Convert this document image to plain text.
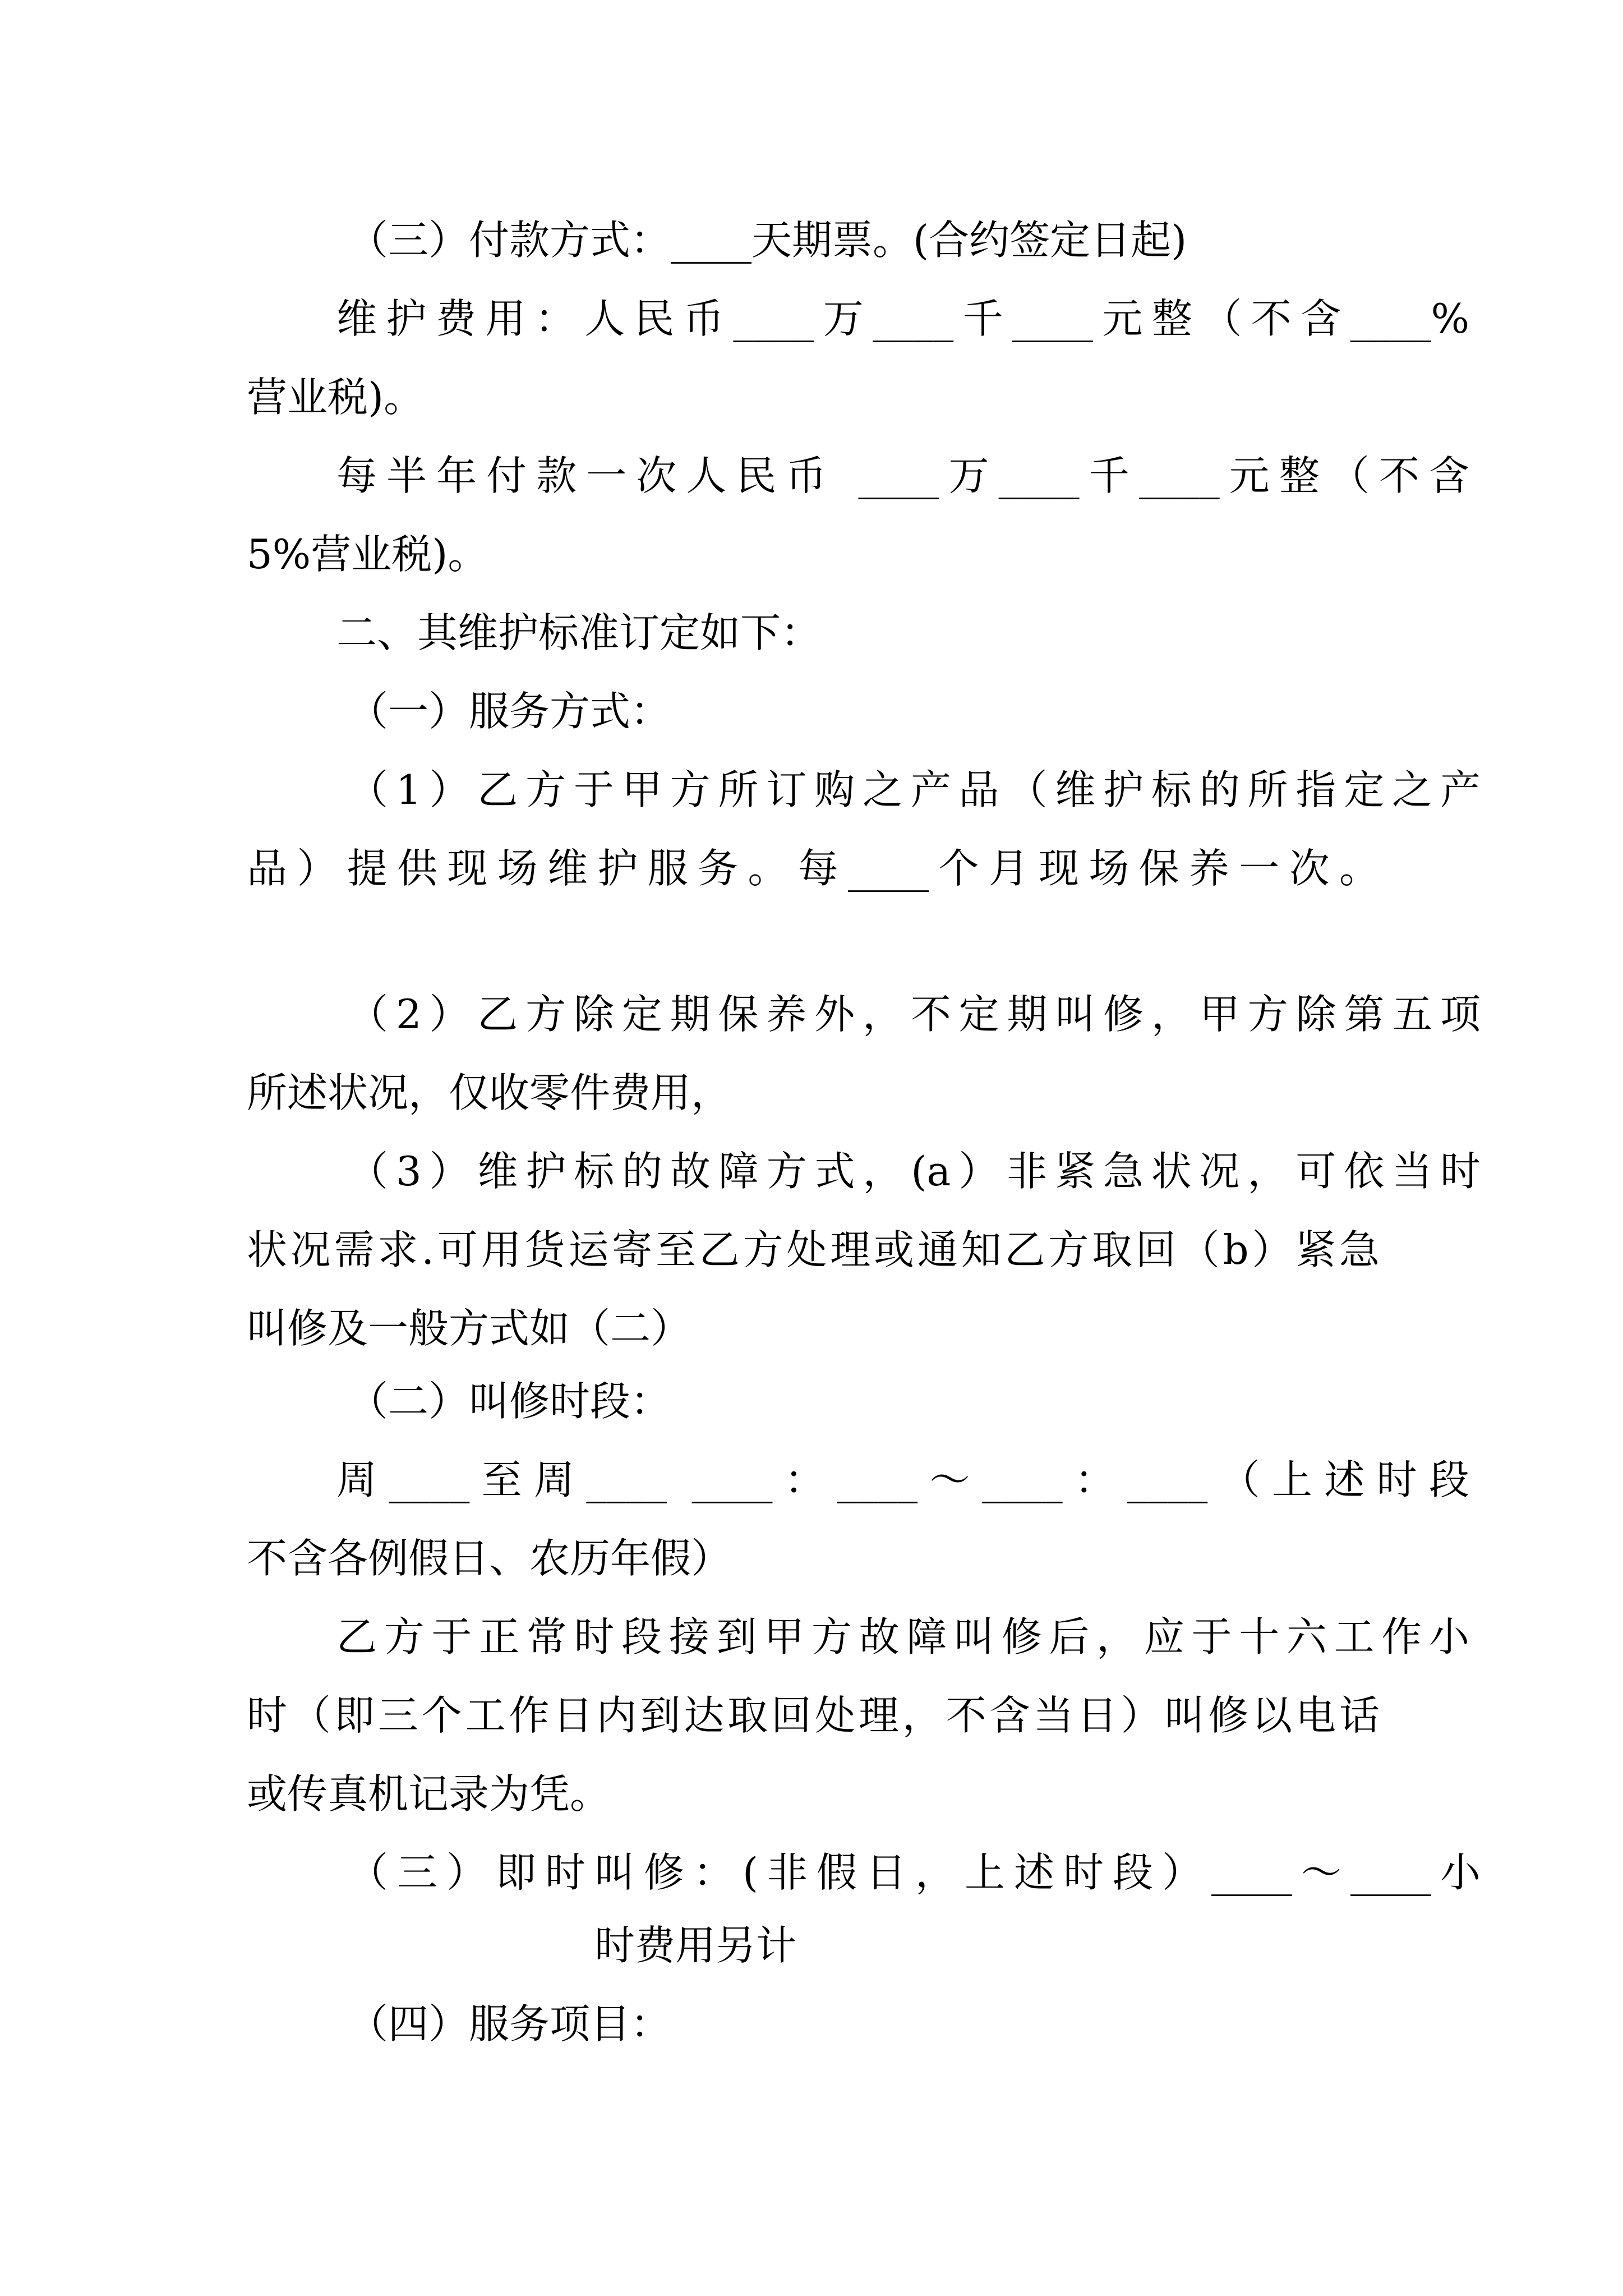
（三）付款方式：____天期票。(合约签定日起)
维护费用：人民币____万____千____元整（不含____%
营业税)。
每半年付款一次人民币 ____万____千____元整（不含
5%营业税)。
二、其维护标准订定如下：
（一）服务方式：
（1）乙方于甲方所订购之产品（维护标的所指定之产
品）提供现场维护服务。每____个月现场保养一次。
（2）乙方除定期保养外，不定期叫修，甲方除第五项
所述状况，仅收零件费用，
（3）维护标的故障方式，(a）非紧急状况，可依当时
状况需求.可用货运寄至乙方处理或通知乙方取回（b）紧急
叫修及一般方式如（二）
（二）叫修时段：
周____至周____ ____：____～____：____（上述时段
不含各例假日、农历年假）
乙方于正常时段接到甲方故障叫修后，应于十六工作小
时（即三个工作日内到达取回处理，不含当日）叫修以电话
或传真机记录为凭。
（三）即时叫修：(非假日，上述时段）____～____小
时费用另计
（四）服务项目：
